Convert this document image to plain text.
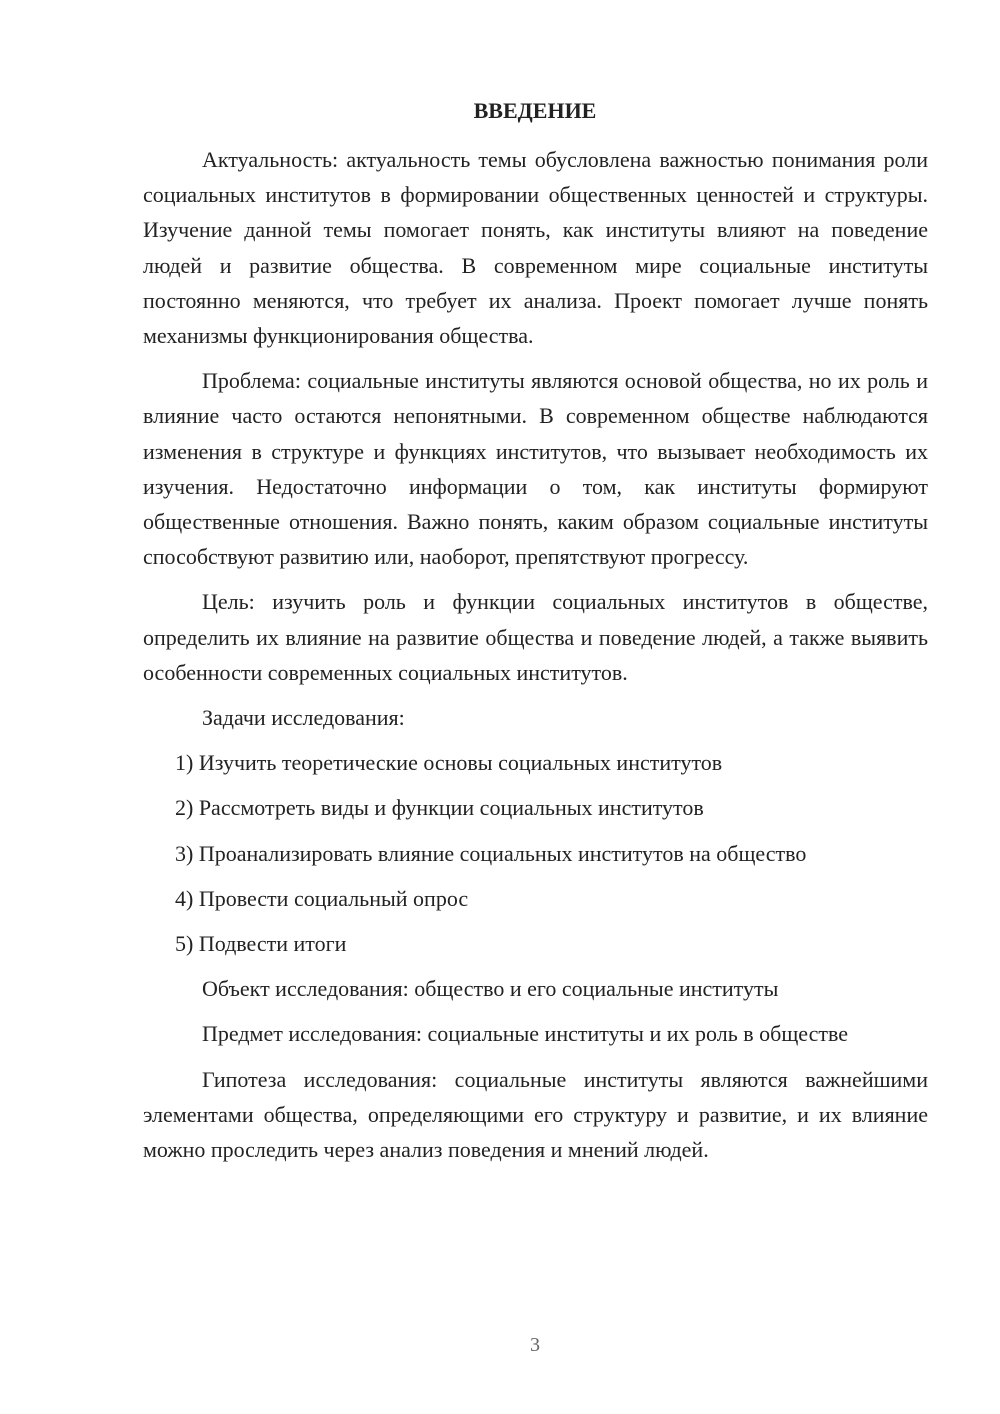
ВВЕДЕНИЕ

Актуальность: актуальность темы обусловлена важностью понимания роли социальных институтов в формировании общественных ценностей и структуры. Изучение данной темы помогает понять, как институты влияют на поведение людей и развитие общества. В современном мире социальные институты постоянно меняются, что требует их анализа. Проект помогает лучше понять механизмы функционирования общества.

Проблема: социальные институты являются основой общества, но их роль и влияние часто остаются непонятными. В современном обществе наблюдаются изменения в структуре и функциях институтов, что вызывает необходимость их изучения. Недостаточно информации о том, как институты формируют общественные отношения. Важно понять, каким образом социальные институты способствуют развитию или, наоборот, препятствуют прогрессу.

Цель: изучить роль и функции социальных институтов в обществе, определить их влияние на развитие общества и поведение людей, а также выявить особенности современных социальных институтов.

Задачи исследования:

1) Изучить теоретические основы социальных институтов

2) Рассмотреть виды и функции социальных институтов

3) Проанализировать влияние социальных институтов на общество

4) Провести социальный опрос

5) Подвести итоги

Объект исследования: общество и его социальные институты

Предмет исследования: социальные институты и их роль в обществе

Гипотеза исследования: социальные институты являются важнейшими элементами общества, определяющими его структуру и развитие, и их влияние можно проследить через анализ поведения и мнений людей.

3
